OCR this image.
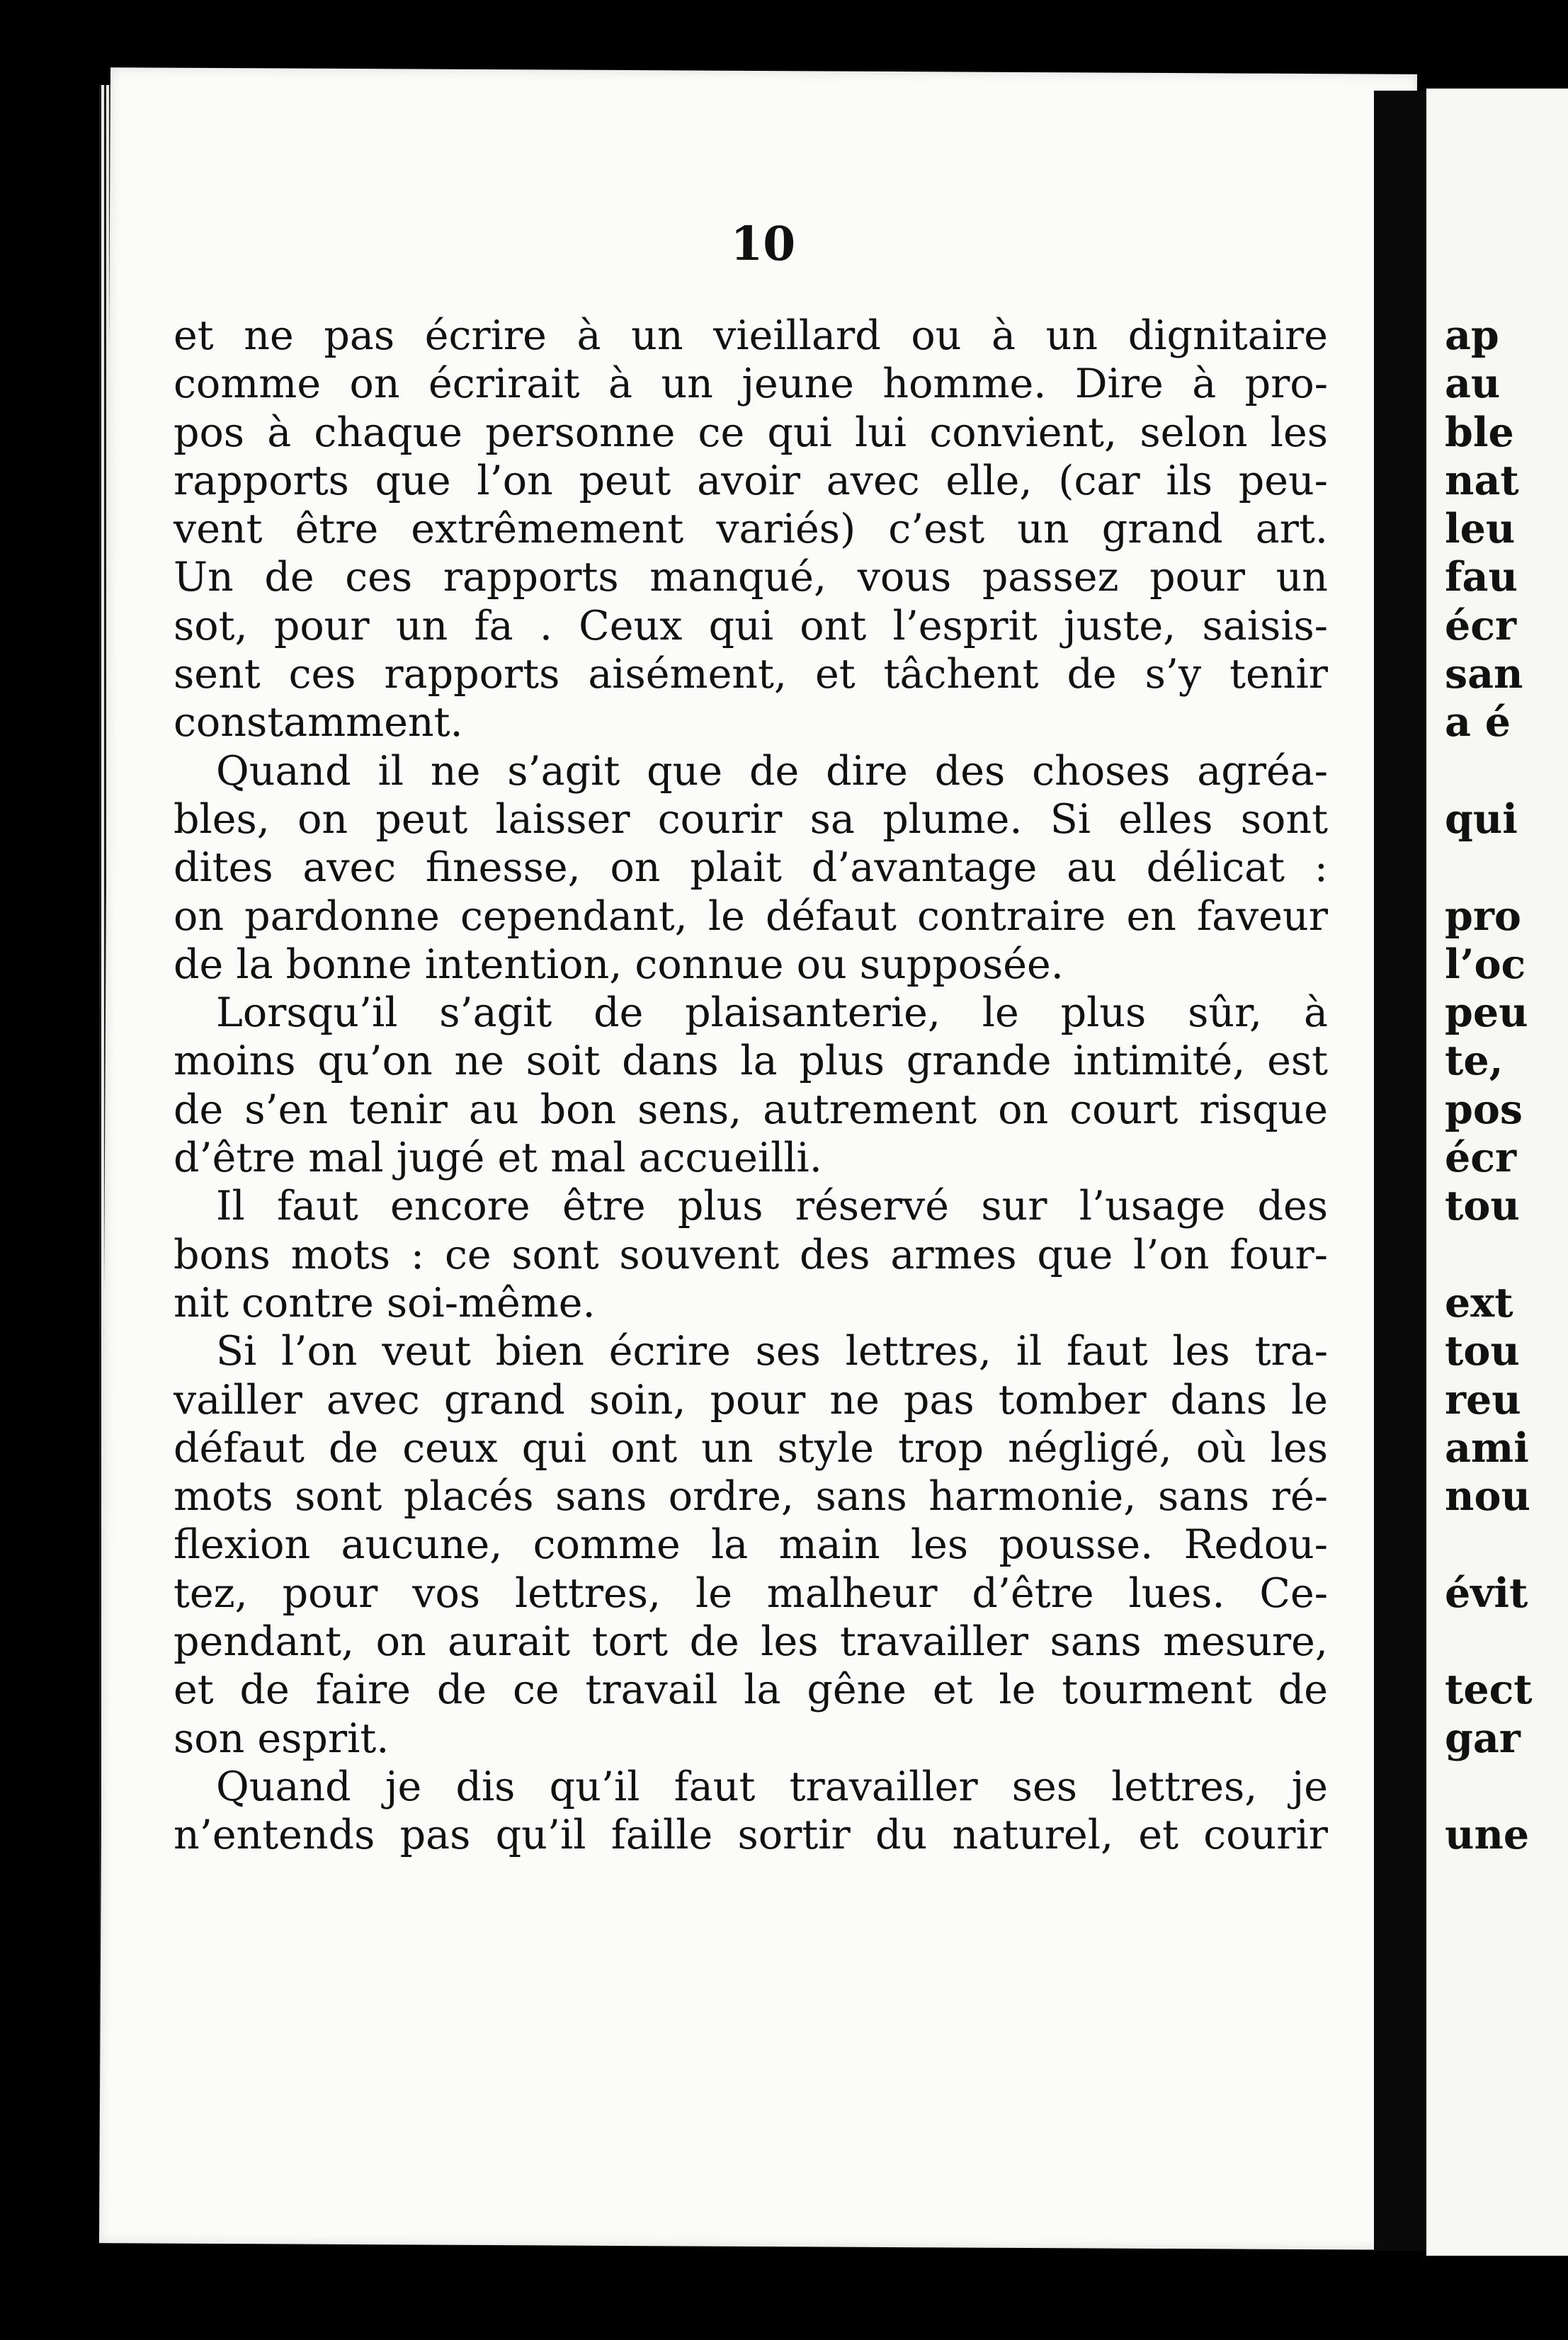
10
et ne pas écrire à un vieillard ou à un dignitaire
comme on écrirait à un jeune homme. Dire à pro-
pos à chaque personne ce qui lui convient, selon les
rapports que l’on peut avoir avec elle, (car ils peu-
vent être extrêmement variés) c’est un grand art.
Un de ces rapports manqué, vous passez pour un
sot, pour un fa . Ceux qui ont l’esprit juste, saisis-
sent ces rapports aisément, et tâchent de s’y tenir
constamment.
Quand il ne s’agit que de dire des choses agréa-
bles, on peut laisser courir sa plume. Si elles sont
dites avec finesse, on plait d’avantage au délicat :
on pardonne cependant, le défaut contraire en faveur
de la bonne intention, connue ou supposée.
Lorsqu’il s’agit de plaisanterie, le plus sûr, à
moins qu’on ne soit dans la plus grande intimité, est
de s’en tenir au bon sens, autrement on court risque
d’être mal jugé et mal accueilli.
Il faut encore être plus réservé sur l’usage des
bons mots : ce sont souvent des armes que l’on four-
nit contre soi-même.
Si l’on veut bien écrire ses lettres, il faut les tra-
vailler avec grand soin, pour ne pas tomber dans le
défaut de ceux qui ont un style trop négligé, où les
mots sont placés sans ordre, sans harmonie, sans ré-
flexion aucune, comme la main les pousse. Redou-
tez, pour vos lettres, le malheur d’être lues. Ce-
pendant, on aurait tort de les travailler sans mesure,
et de faire de ce travail la gêne et le tourment de
son esprit.
Quand je dis qu’il faut travailler ses lettres, je
n’entends pas qu’il faille sortir du naturel, et courir
ap
au
ble
nat
leu
fau
écr
san
a é
qui
pro
l’oc
peu
te,
pos
écr
tou
ext
tou
reu
ami
nou
évit
tect
gar
une
